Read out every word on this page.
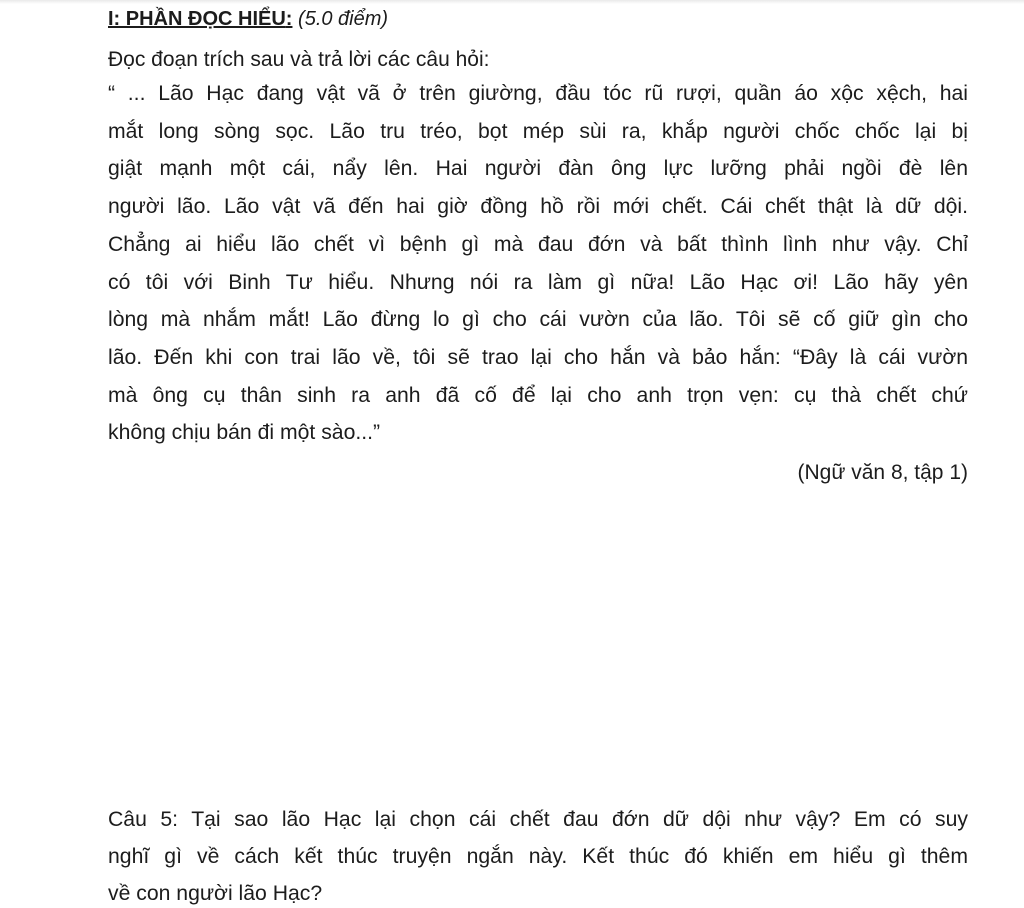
I: PHẦN ĐỌC HIỂU: (5.0 điểm)

Đọc đoạn trích sau và trả lời các câu hỏi:

“ ... Lão Hạc đang vật vã ở trên giường, đầu tóc rũ rượi, quần áo xộc xệch, hai
mắt long sòng sọc. Lão tru tréo, bọt mép sùi ra, khắp người chốc chốc lại bị
giật mạnh một cái, nẩy lên. Hai người đàn ông lực lưỡng phải ngồi đè lên
người lão. Lão vật vã đến hai giờ đồng hồ rồi mới chết. Cái chết thật là dữ dội.
Chẳng ai hiểu lão chết vì bệnh gì mà đau đớn và bất thình lình như vậy. Chỉ
có tôi với Binh Tư hiểu. Nhưng nói ra làm gì nữa! Lão Hạc ơi! Lão hãy yên
lòng mà nhắm mắt! Lão đừng lo gì cho cái vườn của lão. Tôi sẽ cố giữ gìn cho
lão. Đến khi con trai lão về, tôi sẽ trao lại cho hắn và bảo hắn: “Đây là cái vườn
mà ông cụ thân sinh ra anh đã cố để lại cho anh trọn vẹn: cụ thà chết chứ
không chịu bán đi một sào...”

(Ngữ văn 8, tập 1)

Câu 5: Tại sao lão Hạc lại chọn cái chết đau đớn dữ dội như vậy? Em có suy
nghĩ gì về cách kết thúc truyện ngắn này. Kết thúc đó khiến em hiểu gì thêm
về con người lão Hạc?
